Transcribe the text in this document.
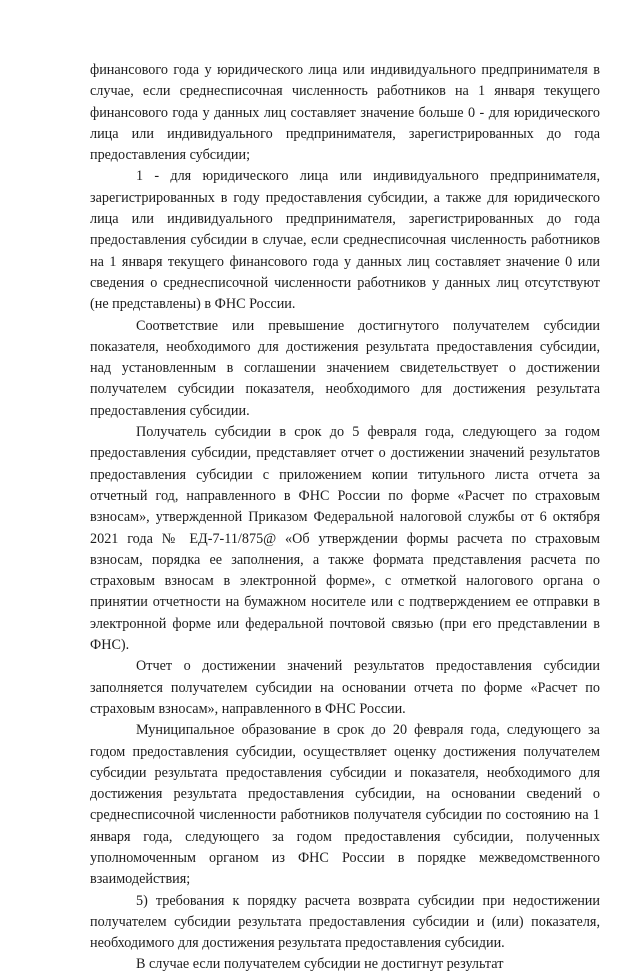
финансового года у юридического лица или индивидуального предпринимателя в случае, если среднесписочная численность работников на 1 января текущего финансового года у данных лиц составляет значение больше 0 - для юридического лица или индивидуального предпринимателя, зарегистрированных до года предоставления субсидии;

1 - для юридического лица или индивидуального предпринимателя, зарегистрированных в году предоставления субсидии, а также для юридического лица или индивидуального предпринимателя, зарегистрированных до года предоставления субсидии в случае, если среднесписочная численность работников на 1 января текущего финансового года у данных лиц составляет значение 0 или сведения о среднесписочной численности работников у данных лиц отсутствуют (не представлены) в ФНС России.

Соответствие или превышение достигнутого получателем субсидии показателя, необходимого для достижения результата предоставления субсидии, над установленным в соглашении значением свидетельствует о достижении получателем субсидии показателя, необходимого для достижения результата предоставления субсидии.

Получатель субсидии в срок до 5 февраля года, следующего за годом предоставления субсидии, представляет отчет о достижении значений результатов предоставления субсидии с приложением копии титульного листа отчета за отчетный год, направленного в ФНС России по форме «Расчет по страховым взносам», утвержденной Приказом Федеральной налоговой службы от 6 октября 2021 года № ЕД-7-11/875@ «Об утверждении формы расчета по страховым взносам, порядка ее заполнения, а также формата представления расчета по страховым взносам в электронной форме», с отметкой налогового органа о принятии отчетности на бумажном носителе или с подтверждением ее отправки в электронной форме или федеральной почтовой связью (при его представлении в ФНС).

Отчет о достижении значений результатов предоставления субсидии заполняется получателем субсидии на основании отчета по форме «Расчет по страховым взносам», направленного в ФНС России.

Муниципальное образование в срок до 20 февраля года, следующего за годом предоставления субсидии, осуществляет оценку достижения получателем субсидии результата предоставления субсидии и показателя, необходимого для достижения результата предоставления субсидии, на основании сведений о среднесписочной численности работников получателя субсидии по состоянию на 1 января года, следующего за годом предоставления субсидии, полученных уполномоченным органом из ФНС России в порядке межведомственного взаимодействия;

5) требования к порядку расчета возврата субсидии при недостижении получателем субсидии результата предоставления субсидии и (или) показателя, необходимого для достижения результата предоставления субсидии.

В случае если получателем субсидии не достигнут результат
